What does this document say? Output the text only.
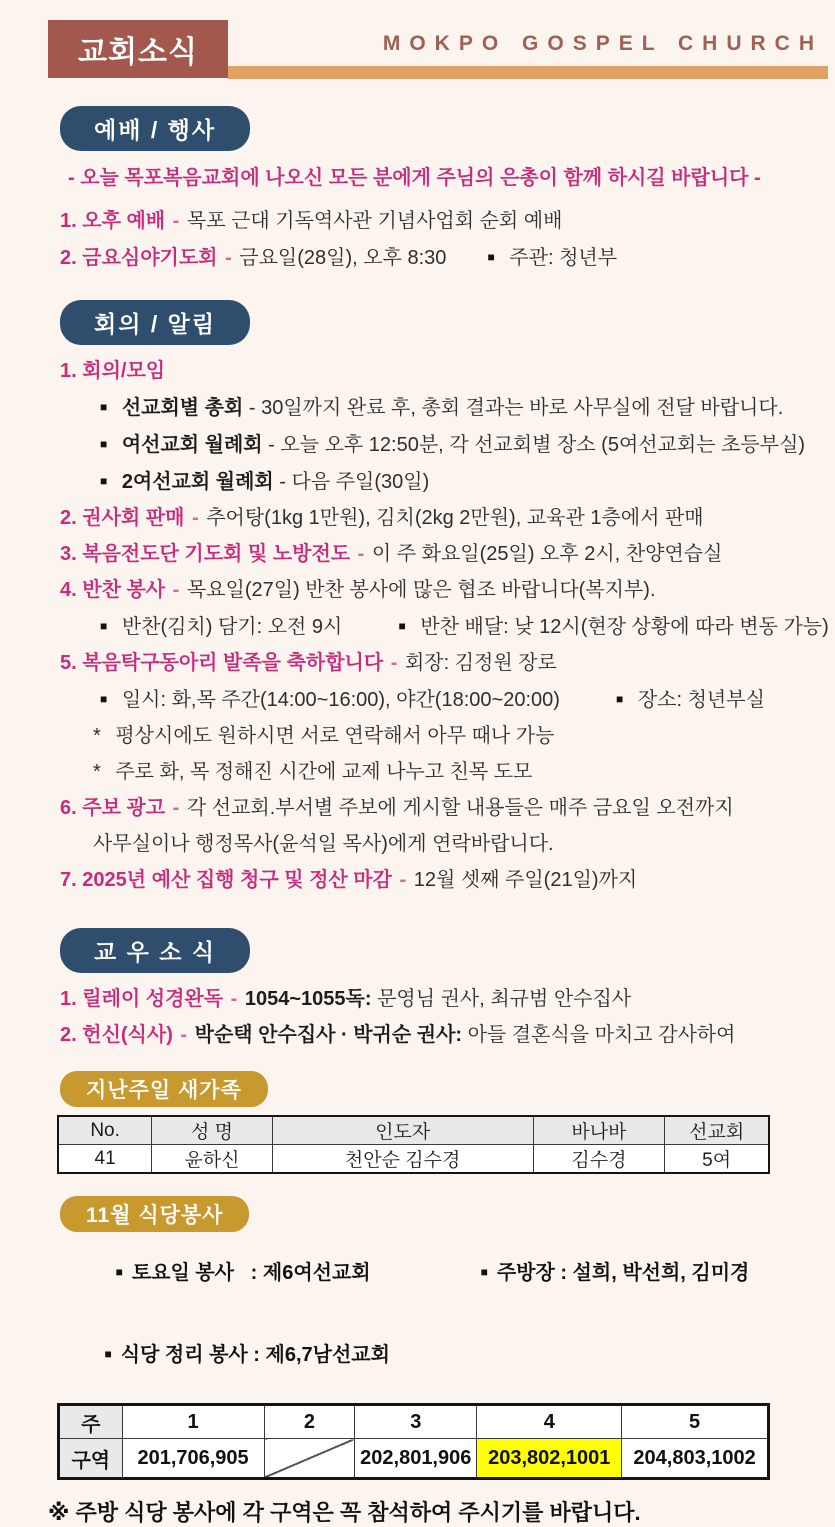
교회소식	MOKPO GOSPEL CHURCH
예배 / 행사
- 오늘 목포복음교회에 나오신 모든 분에게 주님의 은총이 함께 하시길 바랍니다 -
1. 오후 예배 - 목포 근대 기독역사관 기념사업회 순회 예배
2. 금요심야기도회 - 금요일(28일), 오후 8:30	■ 주관: 청년부
회의 / 알림
1. 회의/모임
■ 선교회별 총회 - 30일까지 완료 후, 총회 결과는 바로 사무실에 전달 바랍니다.
■ 여선교회 월례회 - 오늘 오후 12:50분, 각 선교회별 장소 (5여선교회는 초등부실)
■ 2여선교회 월례회 - 다음 주일(30일)
2. 권사회 판매 - 추어탕(1kg 1만원), 김치(2kg 2만원), 교육관 1층에서 판매
3. 복음전도단 기도회 및 노방전도 - 이 주 화요일(25일) 오후 2시, 찬양연습실
4. 반찬 봉사 - 목요일(27일) 반찬 봉사에 많은 협조 바랍니다(복지부).
■ 반찬(김치) 담기: 오전 9시	■ 반찬 배달: 낮 12시(현장 상황에 따라 변동 가능)
5. 복음탁구동아리 발족을 축하합니다 - 회장: 김정원 장로
■ 일시: 화,목 주간(14:00~16:00), 야간(18:00~20:00)	■ 장소: 청년부실
* 평상시에도 원하시면 서로 연락해서 아무 때나 가능
* 주로 화, 목 정해진 시간에 교제 나누고 친목 도모
6. 주보 광고 - 각 선교회.부서별 주보에 게시할 내용들은 매주 금요일 오전까지
사무실이나 행정목사(윤석일 목사)에게 연락바랍니다.
7. 2025년 예산 집행 청구 및 정산 마감 - 12월 셋째 주일(21일)까지
교 우 소 식
1. 릴레이 성경완독 - 1054~1055독: 문영님 권사, 최규범 안수집사
2. 헌신(식사) - 박순택 안수집사 · 박귀순 권사: 아들 결혼식을 마치고 감사하여
지난주일 새가족
No.	성 명	인도자	바나바	선교회
41	윤하신	천안순 김수경	김수경	5여
11월 식당봉사

■ 토요일 봉사   : 제6여선교회
	■ 주방장 : 설희, 박선희, 김미경

■ 식당 정리 봉사 : 제6,7남선교회

주	1	2	3	4	5
구역	201,706,905		202,801,906	203,802,1001	204,803,1002
※ 주방 식당 봉사에 각 구역은 꼭 참석하여 주시기를 바랍니다.
